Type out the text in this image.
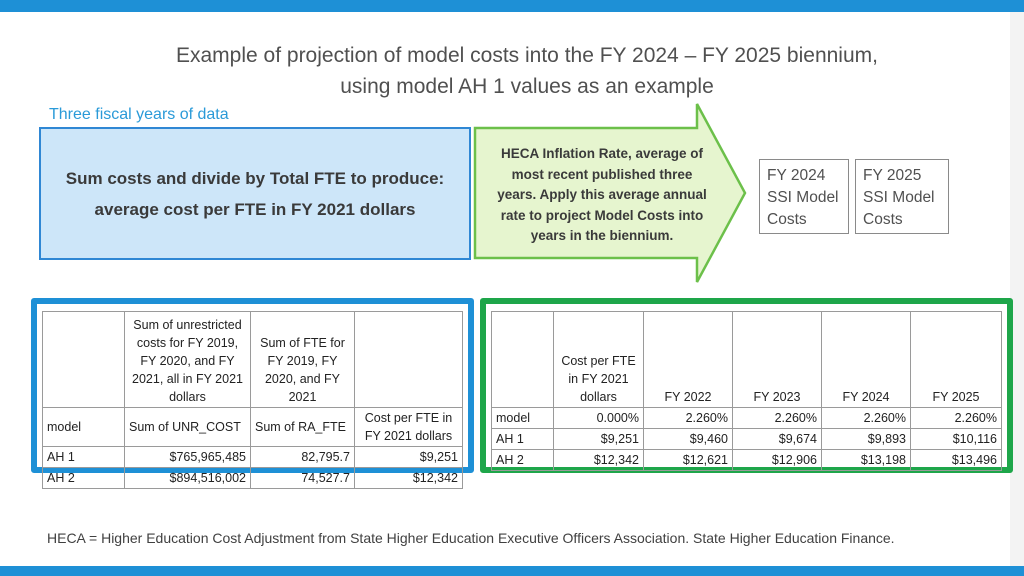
Example of projection of model costs into the FY 2024 – FY 2025 biennium,
using model AH 1 values as an example
Three fiscal years of data
Sum costs and divide by Total FTE to produce:
average cost per FTE in FY 2021 dollars
HECA Inflation Rate, average of
most recent published three
years. Apply this average annual
rate to project Model Costs into
years in the biennium.
FY 2024
SSI Model
Costs
FY 2025
SSI Model
Costs
	Sum of unrestricted costs for FY 2019, FY 2020, and FY 2021, all in FY 2021 dollars	Sum of FTE for FY 2019, FY 2020, and FY 2021	
model	Sum of UNR_COST	Sum of RA_FTE	Cost per FTE in FY 2021 dollars
AH 1	$765,965,485	82,795.7	$9,251
AH 2	$894,516,002	74,527.7	$12,342
	Cost per FTE in FY 2021 dollars	FY 2022	FY 2023	FY 2024	FY 2025
model	0.000%	2.260%	2.260%	2.260%	2.260%
AH 1	$9,251	$9,460	$9,674	$9,893	$10,116
AH 2	$12,342	$12,621	$12,906	$13,198	$13,496
HECA = Higher Education Cost Adjustment from State Higher Education Executive Officers Association. State Higher Education Finance.
